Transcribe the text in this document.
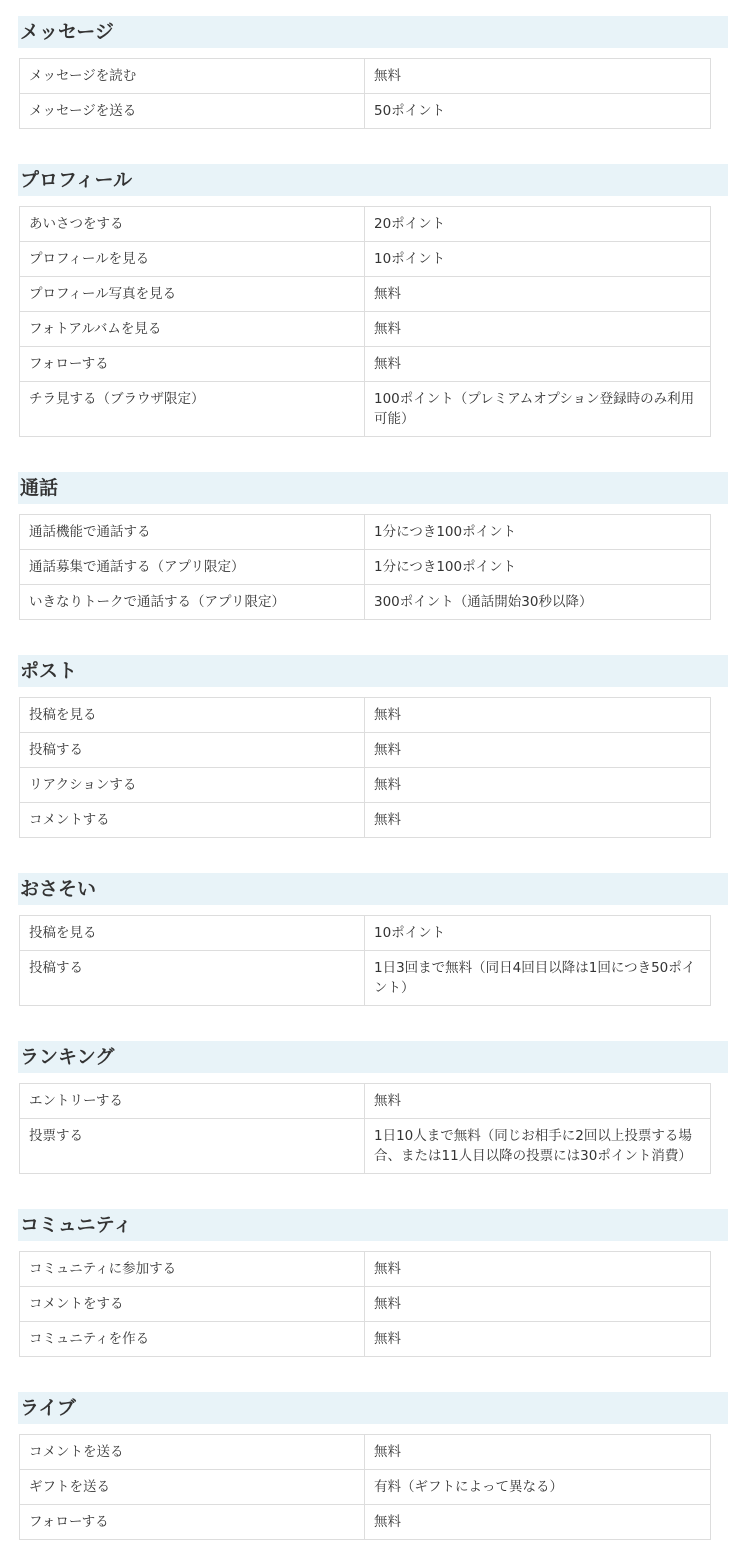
メッセージ
メッセージを読む	無料
メッセージを送る	50ポイント
プロフィール
あいさつをする	20ポイント
プロフィールを見る	10ポイント
プロフィール写真を見る	無料
フォトアルバムを見る	無料
フォローする	無料
チラ見する（ブラウザ限定）	100ポイント（プレミアムオプション登録時のみ利用可能）
通話
通話機能で通話する	1分につき100ポイント
通話募集で通話する（アプリ限定）	1分につき100ポイント
いきなりトークで通話する（アプリ限定）	300ポイント（通話開始30秒以降）
ポスト
投稿を見る	無料
投稿する	無料
リアクションする	無料
コメントする	無料
おさそい
投稿を見る	10ポイント
投稿する	1日3回まで無料（同日4回目以降は1回につき50ポイント）
ランキング
エントリーする	無料
投票する	1日10人まで無料（同じお相手に2回以上投票する場合、または11人目以降の投票には30ポイント消費）
コミュニティ
コミュニティに参加する	無料
コメントをする	無料
コミュニティを作る	無料
ライブ
コメントを送る	無料
ギフトを送る	有料（ギフトによって異なる）
フォローする	無料
